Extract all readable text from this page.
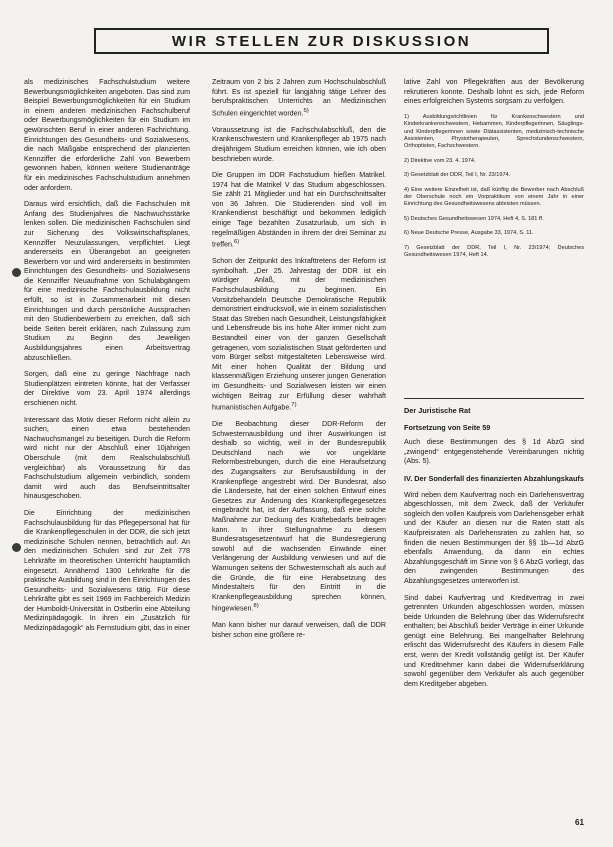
WIR STELLEN ZUR DISKUSSION

als medizinisches Fachschulstudium weitere Bewerbungsmöglichkeiten angeboten. Das sind zum Beispiel Bewerbungsmöglichkeiten für ein Studium in einem anderen medizinischen Fachschulberuf oder Bewerbungsmöglichkeiten für ein Studium im gewünschten Beruf in einer anderen Fachrichtung. Einrichtungen des Gesundheits- und Sozialwesens, die nach Maßgabe entsprechend der planzierten Kennziffer die erforderliche Zahl von Bewerbern gewonnen haben, können weitere Studienanträge für ein medizinisches Fachschulstudium annehmen oder anfordern.

Daraus wird ersichtlich, daß die Fachschulen mit Anfang des Studienjahres die Nachwuchsstärke lenken sollen. Die medizinischen Fachschulen sind zur Sicherung des Volkswirtschaftsplanes, Kennziffer Neuzulassungen, verpflichtet. Liegt andererseits ein Überangebot an geeigneten Bewerbern vor und wird andererseits in bestimmten Einrichtungen des Gesundheits- und Sozialwesens die Kennziffer Neuaufnahme von Schulabgängern für eine medizinische Fachschulausbildung nicht erfüllt, so ist in Zusammenarbeit mit diesen Einrichtungen und durch persönliche Aussprachen mit den Studienbewerbern zu erreichen, daß sich beide Seiten bereit erklären, nach Zulassung zum Studium zu Beginn des Jeweiligen Ausbildungsjahres einen Arbeitsvertrag abzuschließen.

Sorgen, daß eine zu geringe Nachfrage nach Studienplätzen eintreten könnte, hat der Verfasser der Direktive vom 23. April 1974 allerdings erschienen nicht.

Interessant das Motiv dieser Reform nicht allein zu suchen, einen etwa bestehenden Nachwuchsmangel zu beseitigen. Durch die Reform wird nicht nur der Abschluß einer 10jährigen Oberschule (mit dem Realschulabschluß vergleichbar) als Voraussetzung für das Fachschulstudium allgemein verbindlich, sondern damit wird auch das Berufseintrittsalter hinausgeschoben.

Die Einrichtung der medizinischen Fachschulausbildung für das Pflegepersonal hat für die Krankenpflegeschulen in der DDR, die sich jetzt medizinische Schulen nennen, betrachtlich auf. An den medizinischen Schulen sind zur Zeit 778 Lehrkräfte im theoretischen Unterricht hauptamtlich eingesetzt. Annähernd 1300 Lehrkräfte für die praktische Ausbildung sind in den Einrichtungen des Gesundheits- und Sozialwesens tätig. Für diese Lehrkräfte gibt es seit 1969 im Fachbereich Medizin der Humboldt-Universität in Ostberlin eine Abteilung Medizinpädagogik. In ihren ein „Zusätzlich für Medizinpädagogik“ als Fernstudium gibt, das in einer

Zeitraum von 2 bis 2 Jahren zum Hochschulabschluß führt. Es ist speziell für langjährig tätige Lehrer des berufspraktischen Unterrichts an Medizinischen Schulen eingerichtet worden.$^{5)}$

Voraussetzung ist die Fachschulabschluß, den die Krankenschwestern und Krankenpfleger ab 1975 nach dreijährigem Studium erreichen können, wie ich oben beschrieben wurde.

Die Gruppen im DDR Fachstudium hießen Matrikel. 1974 hat die Matrikel V das Studium abgeschlossen. Sie zählt 21 Mitglieder und hat ein Durchschnittsalter von 36 Jahren. Die Studierenden sind voll im Krankendienst beschäftigt und bekommen lediglich einige Tage bezahlten Zusatzurlaub, um sich in regelmäßigen Abständen in ihrem der drei Seminar zu treffen.$^{6)}$

Schon der Zeitpunkt des Inkrafttretens der Reform ist symbolhaft. „Der 25. Jahrestag der DDR ist ein würdiger Anlaß, mit der medizinischen Fachschulausbildung zu beginnen. Ein Vorsitzbehandeln Deutsche Demokratische Republik demonstriert eindrucksvoll, wie in einem sozialistischen Staat das Streben nach Gesundheit, Leistungsfähigkeit und Lebensfreude bis ins hohe Alter immer nicht zum Bestandteil einer von der ganzen Gesellschaft getragenen, vom sozialistischen Staat geförderten und vom Bürger selbst mitgestalteten Lebensweise wird. Mit einer hohen Qualität der Bildung und klassenmäßigen Erziehung unserer jungen Generation im Gesundheits- und Sozialwesen leisten wir einen wichtigen Beitrag zur Erfüllung dieser wahrhaft humanistischen Aufgabe.$^{7)}$

Die Beobachtung dieser DDR-Reform der Schwesternausbildung und ihrer Auswirkungen ist deshalb so wichtig, weil in der Bundesrepublik Deutschland nach wie vor ungeklärte Reformbestrebungen, durch die eine Heraufsetzung des Zugangsalters zur Berufsausbildung in der Krankenpflege angestrebt wird. Der Bundesrat, also die Länderseite, hat der einen solchen Entwurf eines Gesetzes zur Änderung des Krankenpflegegesetzes eingebracht hat, ist der Auffassung, daß eine solche Maßnahme zur Deckung des Kräftebedarfs beitragen kann. In ihrer Stellungnahme zu diesem Bundesratsgesetzentwurf hat die Bundesregierung sowohl auf die wachsenden Einwände einer Verlängerung der Ausbildung verwiesen und auf die Warnungen seitens der Schwesternschaft als auch auf die Gründe, die für eine Herabsetzung des Mindestalters für den Eintritt in die Krankenpflegeausbildung sprechen können, hingewiesen.$^{8)}$

Man kann bisher nur darauf verweisen, daß die DDR bisher schon eine größere re-

lative Zahl von Pflegekräften aus der Bevölkerung rekrutieren konnte. Deshalb lohnt es sich, jede Reform eines erfolgreichen Systems sorgsam zu verfolgen.

1) Ausbildungsrichtlinien für Krankenschwestern und Kinderkrankenschwestern, Hebammen, Kinderpflegerinnen, Säuglings- und Kinderpflegerinnen sowie Diätassistenten, medizinisch-technische Assistenten, Physiotherapeuten, Sprechstundenschwestern, Orthoptisten, Fachschwestern.

2) Direktive vom 23. 4. 1974.

3) Gesetzblatt der DDR, Teil I, Nr. 23/1974.

4) Eine weitere Einzelheit ist, daß künftig die Bewerber nach Abschluß der Oberschule noch ein Vorpraktikum von einem Jahr in einer Einrichtung des Gesundheitswesens ableisten müssen.

5) Deutsches Gesundheitswesen 1974, Heft 4, S. 181 ff.

6) Neue Deutsche Presse, Ausgabe 33, 1974, S. 11.

7) Gesetzblatt der DDR, Teil I, Nr. 23/1974; Deutsches Gesundheitswesen 1974, Heft 14.

Der Juristische Rat

Fortsetzung von Seite 59

Auch diese Bestimmungen des § 1d AbzG sind „zwingend“ entgegenstehende Vereinbarungen nichtig (Abs. 5).

IV. Der Sonderfall des finanzierten Abzahlungskaufs

Wird neben dem Kaufvertrag noch ein Darlehensvertrag abgeschlossen, mit dem Zweck, daß der Verkäufer sogleich den vollen Kaufpreis vom Darlehensgeber erhält und der Käufer an diesen nur die Raten statt als Kaufpreisraten als Darlehensraten zu zahlen hat, so finden die neuen Bestimmungen der §§ 1b—1d AbzG ebenfalls Anwendung, da dann ein echtes Abzahlungsgeschäft im Sinne von § 6 AbzG vorliegt, das den zwingenden Bestimmungen des Abzahlungsgesetzes unterworfen ist.

Sind dabei Kaufvertrag und Kreditvertrag in zwei getrennten Urkunden abgeschlossen worden, müssen beide Urkunden die Belehrung über das Widerrufsrecht enthalten; bei Abschluß beider Verträge in einer Urkunde genügt eine Belehrung. Bei mangelhafter Belehrung erlischt das Widerrufsrecht des Käufers in diesem Falle erst, wenn der Kredit vollständig getilgt ist. Der Käufer und Kreditnehmer kann dabei die Widerrufserklärung sowohl gegenüber dem Verkäufer als auch gegenüber dem Kreditgeber abgeben.

61
